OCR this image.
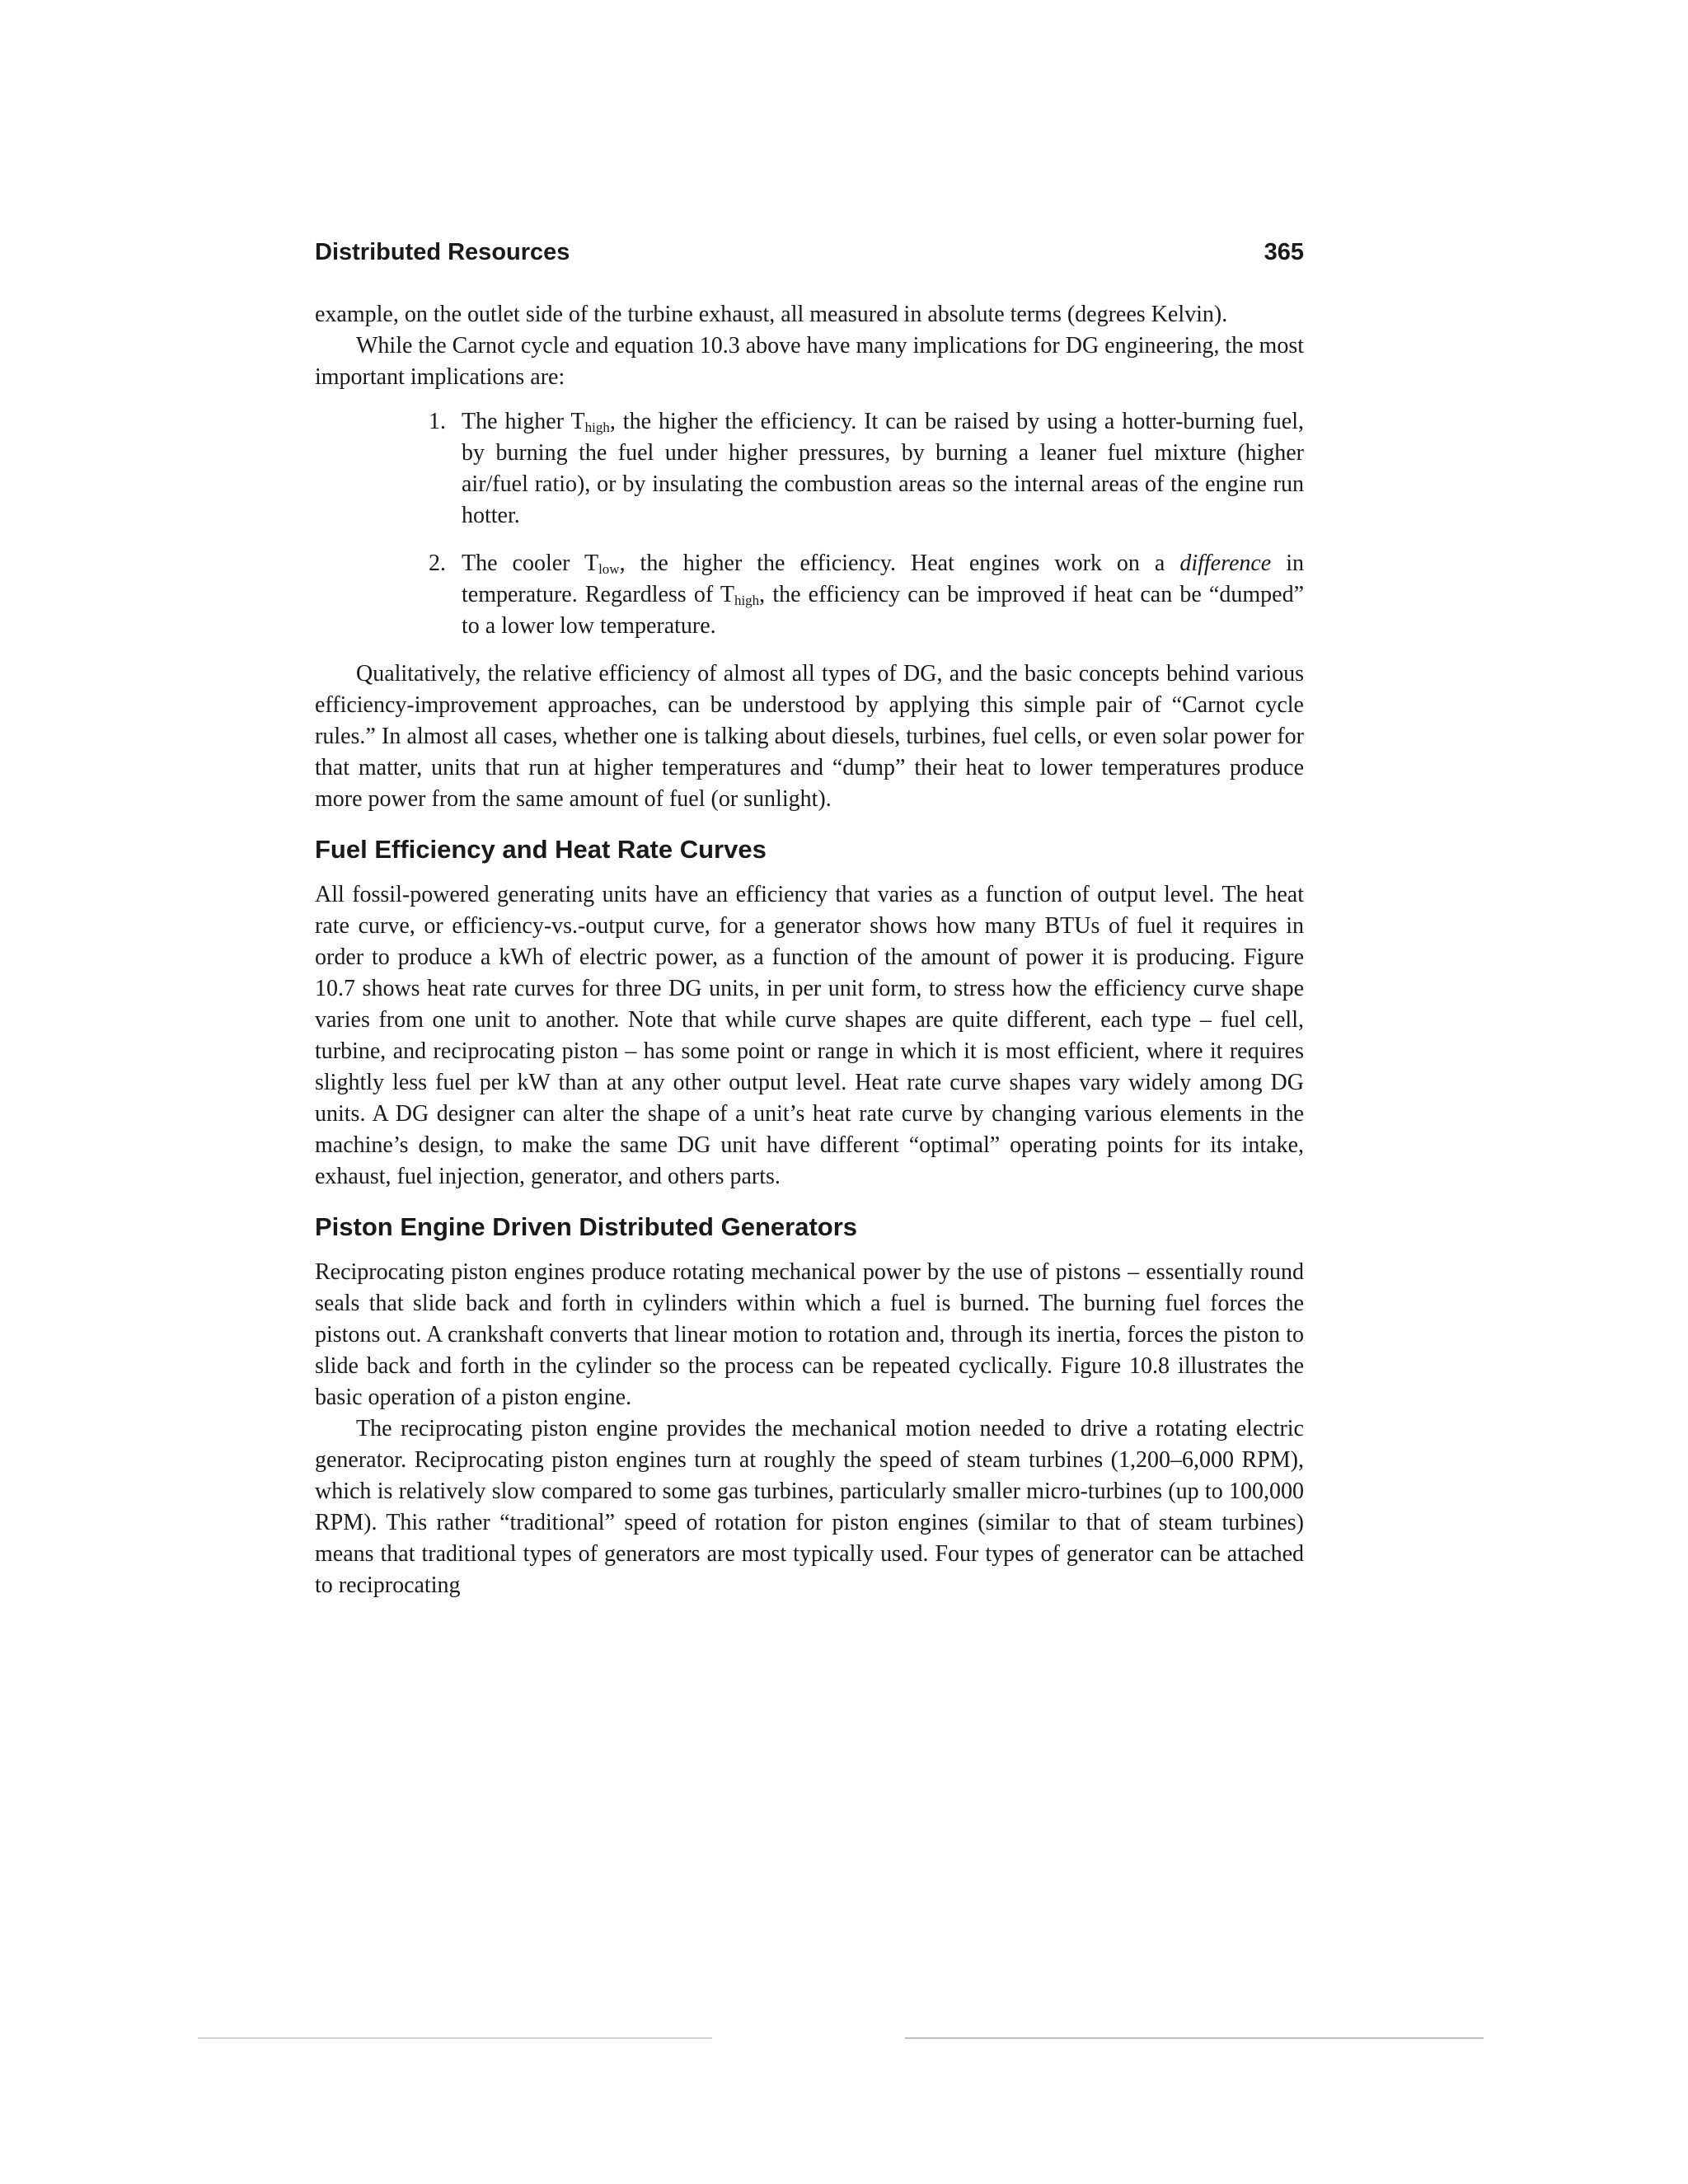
Distributed Resources	365

example, on the outlet side of the turbine exhaust, all measured in absolute terms (degrees Kelvin).

While the Carnot cycle and equation 10.3 above have many implications for DG engineering, the most important implications are:

1. The higher $T_{high}$, the higher the efficiency. It can be raised by using a hotter-burning fuel, by burning the fuel under higher pressures, by burning a leaner fuel mixture (higher air/fuel ratio), or by insulating the combustion areas so the internal areas of the engine run hotter.
2. The cooler $T_{low}$, the higher the efficiency. Heat engines work on a difference in temperature. Regardless of $T_{high}$, the efficiency can be improved if heat can be “dumped” to a lower low temperature.

Qualitatively, the relative efficiency of almost all types of DG, and the basic concepts behind various efficiency-improvement approaches, can be understood by applying this simple pair of “Carnot cycle rules.” In almost all cases, whether one is talking about diesels, turbines, fuel cells, or even solar power for that matter, units that run at higher temperatures and “dump” their heat to lower temperatures produce more power from the same amount of fuel (or sunlight).

Fuel Efficiency and Heat Rate Curves

All fossil-powered generating units have an efficiency that varies as a function of output level. The heat rate curve, or efficiency-vs.-output curve, for a generator shows how many BTUs of fuel it requires in order to produce a kWh of electric power, as a function of the amount of power it is producing. Figure 10.7 shows heat rate curves for three DG units, in per unit form, to stress how the efficiency curve shape varies from one unit to another. Note that while curve shapes are quite different, each type – fuel cell, turbine, and reciprocating piston – has some point or range in which it is most efficient, where it requires slightly less fuel per kW than at any other output level. Heat rate curve shapes vary widely among DG units. A DG designer can alter the shape of a unit’s heat rate curve by changing various elements in the machine’s design, to make the same DG unit have different “optimal” operating points for its intake, exhaust, fuel injection, generator, and others parts.

Piston Engine Driven Distributed Generators

Reciprocating piston engines produce rotating mechanical power by the use of pistons – essentially round seals that slide back and forth in cylinders within which a fuel is burned. The burning fuel forces the pistons out. A crankshaft converts that linear motion to rotation and, through its inertia, forces the piston to slide back and forth in the cylinder so the process can be repeated cyclically. Figure 10.8 illustrates the basic operation of a piston engine.

The reciprocating piston engine provides the mechanical motion needed to drive a rotating electric generator. Reciprocating piston engines turn at roughly the speed of steam turbines (1,200–6,000 RPM), which is relatively slow compared to some gas turbines, particularly smaller micro-turbines (up to 100,000 RPM). This rather “traditional” speed of rotation for piston engines (similar to that of steam turbines) means that traditional types of generators are most typically used. Four types of generator can be attached to reciprocating
